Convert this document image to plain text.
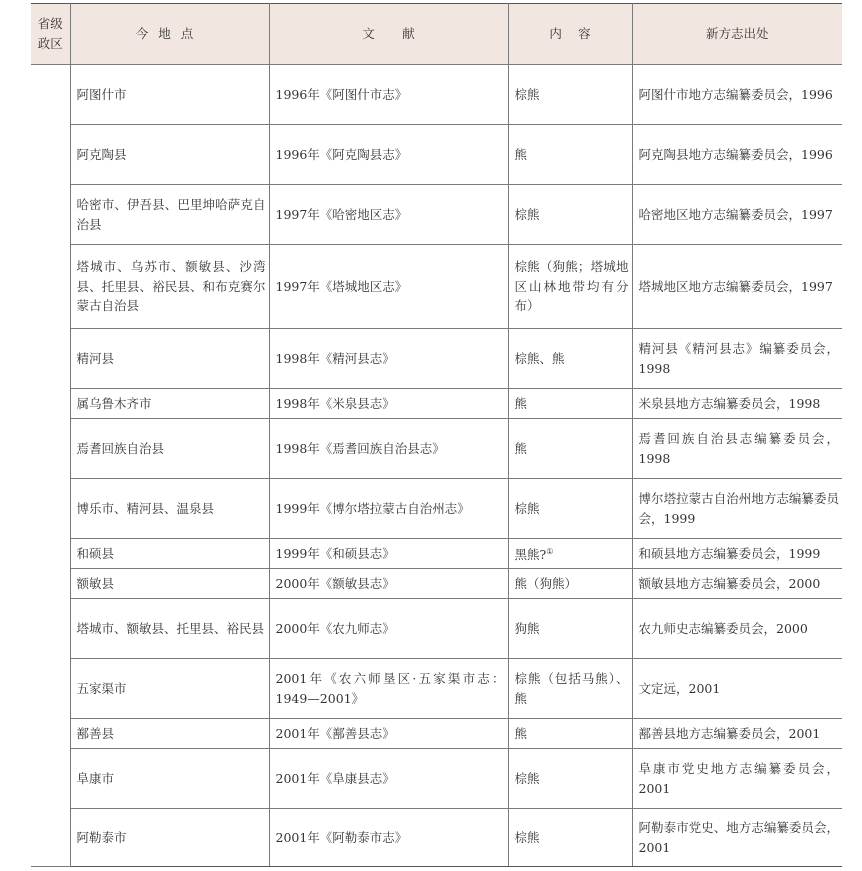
省级
政区	今地点	文献	内容	新方志出处
	阿图什市	1996年《阿图什市志》	棕熊	阿图什市地方志编纂委员会，1996
	阿克陶县	1996年《阿克陶县志》	熊	阿克陶县地方志编纂委员会，1996
	哈密市、伊吾县、巴里坤哈萨克自治县	1997年《哈密地区志》	棕熊	哈密地区地方志编纂委员会，1997
	塔城市、乌苏市、额敏县、沙湾县、托里县、裕民县、和布克赛尔蒙古自治县	1997年《塔城地区志》	棕熊（狗熊；塔城地区山林地带均有分布）	塔城地区地方志编纂委员会，1997
	精河县	1998年《精河县志》	棕熊、熊	精河县《精河县志》编纂委员会，1998
	属乌鲁木齐市	1998年《米泉县志》	熊	米泉县地方志编纂委员会，1998
	焉耆回族自治县	1998年《焉耆回族自治县志》	熊	焉耆回族自治县志编纂委员会，1998
	博乐市、精河县、温泉县	1999年《博尔塔拉蒙古自治州志》	棕熊	博尔塔拉蒙古自治州地方志编纂委员会，1999
	和硕县	1999年《和硕县志》	黑熊?①	和硕县地方志编纂委员会，1999
	额敏县	2000年《额敏县志》	熊（狗熊）	额敏县地方志编纂委员会，2000
	塔城市、额敏县、托里县、裕民县	2000年《农九师志》	狗熊	农九师史志编纂委员会，2000
	五家渠市	2001年《农六师垦区·五家渠市志：1949—2001》	棕熊（包括马熊）、熊	文定远，2001
	鄯善县	2001年《鄯善县志》	熊	鄯善县地方志编纂委员会，2001
	阜康市	2001年《阜康县志》	棕熊	阜康市党史地方志编纂委员会，2001
	阿勒泰市	2001年《阿勒泰市志》	棕熊	阿勒泰市党史、地方志编纂委员会，2001
